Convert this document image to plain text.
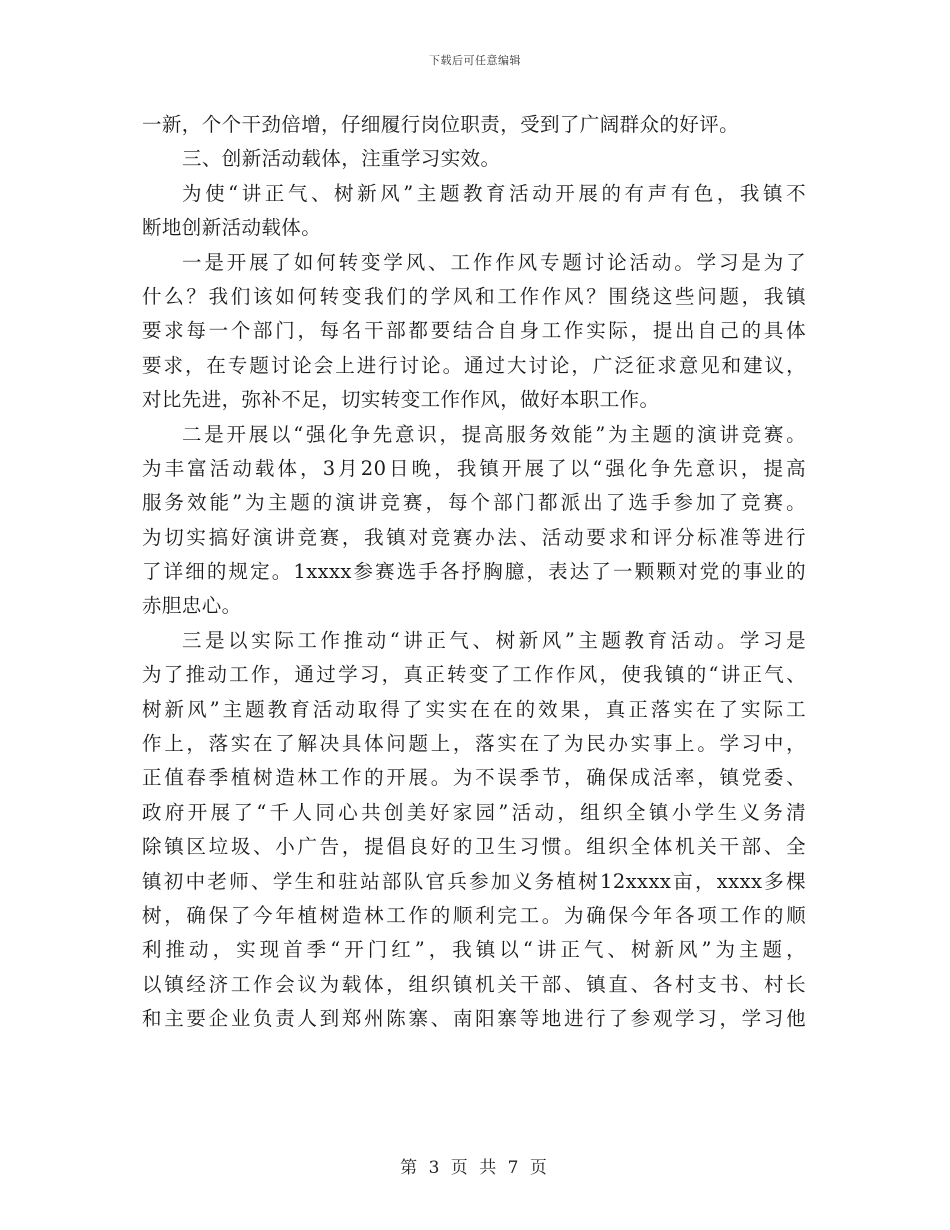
下载后可任意编辑
一新，个个干劲倍增，仔细履行岗位职责，受到了广阔群众的好评。
三、创新活动载体，注重学习实效。
为使“讲正气、树新风”主题教育活动开展的有声有色，我镇不
断地创新活动载体。
一是开展了如何转变学风、工作作风专题讨论活动。学习是为了
什么？我们该如何转变我们的学风和工作作风？围绕这些问题，我镇
要求每一个部门，每名干部都要结合自身工作实际，提出自己的具体
要求，在专题讨论会上进行讨论。通过大讨论，广泛征求意见和建议，
对比先进，弥补不足，切实转变工作作风，做好本职工作。
二是开展以“强化争先意识，提高服务效能”为主题的演讲竞赛。
为丰富活动载体，3月20日晚，我镇开展了以“强化争先意识，提高
服务效能”为主题的演讲竞赛，每个部门都派出了选手参加了竞赛。
为切实搞好演讲竞赛，我镇对竞赛办法、活动要求和评分标准等进行
了详细的规定。1xxxx参赛选手各抒胸臆，表达了一颗颗对党的事业的
赤胆忠心。
三是以实际工作推动“讲正气、树新风”主题教育活动。学习是
为了推动工作，通过学习，真正转变了工作作风，使我镇的“讲正气、
树新风”主题教育活动取得了实实在在的效果，真正落实在了实际工
作上，落实在了解决具体问题上，落实在了为民办实事上。学习中，
正值春季植树造林工作的开展。为不误季节，确保成活率，镇党委、
政府开展了“千人同心共创美好家园”活动，组织全镇小学生义务清
除镇区垃圾、小广告，提倡良好的卫生习惯。组织全体机关干部、全
镇初中老师、学生和驻站部队官兵参加义务植树12xxxx亩，xxxx多棵
树，确保了今年植树造林工作的顺利完工。为确保今年各项工作的顺
利推动，实现首季“开门红”，我镇以“讲正气、树新风”为主题，
以镇经济工作会议为载体，组织镇机关干部、镇直、各村支书、村长
和主要企业负责人到郑州陈寨、南阳寨等地进行了参观学习，学习他
第 3 页 共 7 页
